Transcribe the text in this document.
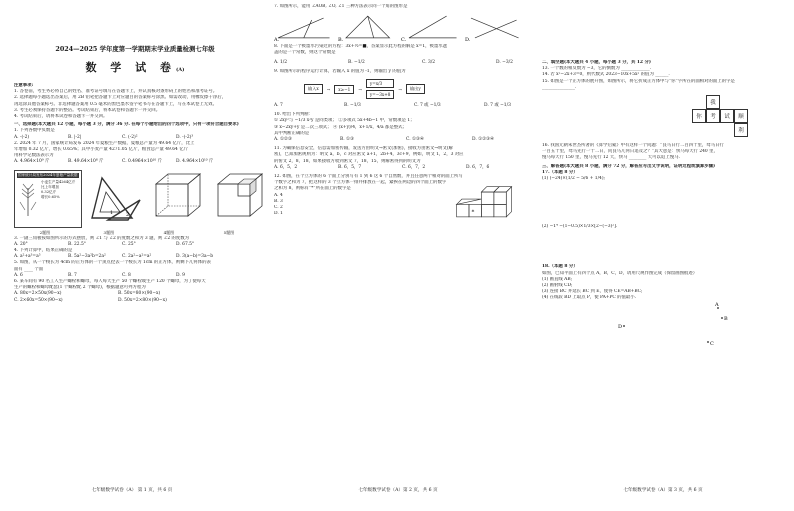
2024—2025 学年度第一学期期末学业质量检测七年级
数 学 试 卷(A)
注意事项:
1. 答卷前，考生务必将自己的姓名、准考证号填写在答题卡上，并认真核对条形码上的姓名和准考证号。
2. 选择题每小题选出答案后，用 2B 铅笔把答题卡上对应题目的答案标号涂黑。如需改动，用橡皮擦干净后，
再选涂其他答案标号。非选择题答案用 0.5 毫米的黑色墨水签字笔书写在答题卡上，写在本试卷上无效。
3. 考生必须保持答题卡的整洁。考试结束后，将本试卷和答题卡一并交回。
4. 考试结束后，请将本试卷和答题卡一并交回。
一、选择题(本大题共 12 小题，每小题 3 分，满分 36 分. 在每个小题给出的四个选项中，只有一项符合题目要求)
1. 下列各数中负数是
A. -(-2)	B. |-2|	C. (-2)²	D. -(-2)³
2. 2024 年 7 月，国家统计局发布 2024 年夏粮生产数据，夏粮总产量为 49.64 亿斤，比上
年增加 0.32 亿斤，增长 0.65%；其中小麦产量 4271.05 亿斤，粮食总产量 49.64 亿斤
用科学记数法表示为
A. 4.964×10⁹ 斤	B. 49.64×10⁸ 斤	C. 0.4964×10¹⁰ 斤	D. 4.964×10¹⁰ 斤
国家统计局发布2024年夏粮产量数据
小麦生产量4264亿斤
比上年增加
0.32亿斤
增长0.65%
1	2
2题图	3题图	4题图	5题图
3. 一副三角板按如图所示的方式摆放，则 ∠1 与 ∠2 的度数之和为 3 题，则 ∠2 的度数为
A. 20°	B. 22.5°	C. 25°	D. 67.5°
4. 下列计算中，结果正确的是
A. a²+a³=a⁵	B. 5a²−3a²b=2a²	C. 2a²−a²=a²	D. 3(a−b)=3a−b
5. 如图，从一个棱长为 4cm 的正方体的一个顶点挖去一个棱长为 1cm 的正方体，则剩下几何体的表
面有 ____ 个面
A. 6	B. 7	C. 8	D. 9
6. 某车间有 90 名工人生产螺栓和螺母，每人每天生产 50 个螺栓或生产 120 个螺母，为了使每天
生产的螺栓和螺母配套(1 个螺栓配 2 个螺母)，根据题意可列方程为
A. 80x=2×50x(90−x)	B. 50x=80×(90−x)
C. 2×60x=50×(90−x)	D. 50x=2×80×(90−x)
七年级数学试卷（A） 第 1 页，共 6 页
7. 如图所示，能用 ∠AOB, ∠O, ∠1 三种方法表示同一个角的图形是
A.	B.	C.	D.
8. 下面是一个被墨水污染过的方程：3x+½=■，答案显示此方程的解是 x=1，被墨水遮
盖的是一个常数，则这个常数是
A. 1/2	B. −1/2	C. 3/2	D. −3/2
9. 如图所示的程序运行计算，若输入 x 的值为 -1，则输出 y 的值为
输入x	→	x≥−1	→
y=x/3
y=−3x+8
→	输出y
A. 7	B. −1/3	C. 7 或 −1/3	D. 7 或 −1/3
10. 给出下列判断：
① 2xy²与 −1/3 x²y 是同类项； ②多项式 5x+4b−1 中，常数项是 1；
③ x−2xy+y 是二次三项式； ④ (x+y)/4，x+1/x，4/a 都是整式；
其中判断正确的是
A. ①②③	B. ①③	C. ①③④	D. ①②③④
11. 为确保信息安全，信息需加密传输，发送方由明文→密文(加密)，接收方由密文→明文(解
密)，已知加密规则为：明文 a，b，c 对应密文 a+1，2b+4，3c+9，例如，明文 1，2，3 对应
的密文 2，8，18，如果接收方收到密文 7，18，15，则解密得到的明文为
A. 6，5，2	B. 6，5，7	C. 6，7，2	D. 6，7，6
12. 如图，在个立方体的 6 个面上分别写有 1 到 6 这 6 个自然数，并且任意两个相对的面上所写
个数字之和为 7，把这样的 3 个立方体一排并排放在一起，紧挨在两边的四个面上的数字
之和为 8，则标有“*”所在面上的数字是
A. 4
B. 3
C. 2
D. 1	*
七年级数学试卷（A）第 2 页，共 6 页
二、填空题(本大题共 4 小题，每小题 3 分，共 12 分)
13. 一个数的相反数为 −3，它的倒数为 _____________.
14. 若 x²−2x+3=0，则代数式 2023−10x+5x² 的值为 ______.
15. 如图是一个正方体的展开图，如图所示，将它折成正方体中与“你”字所在的面相对的面上的字是
_______________.
我
你	考	试	顺
利
16. 我国元朝朱世杰所著的《算学启蒙》中有这样一个问题：“良马日行二百四十里，驽马日行
一百五十里，驽马先行一十二日，问良马几何日追及之？”其大意是：快马每天行 240 里，
慢马每天行 150 里，慢马先行 12 天，快马 ________ 天可以追上慢马.
三、解答题(本大题共 8 小题，满分 72 分，解答应写出文字说明，证明过程或演算步骤)
17.（本题 8 分）
(1) (−24)×(1/2 − 5/6 + 1/4);
(2) −1⁴ −(1−0.5)×1/3×[2−(−3)²].
18.（本题 8 分）
如图，已知平面上有四个点 A，B，C，D，请用尺规作图完成（保留画图痕迹）
(1) 画直线 AB;
(2) 画射线 CD;
(3) 连接 BC 并延长 BC 到 E，使得 CE=AB+BC;
(4) 在线段 BD 上取点 P，使 PA+PC 的值最小.
A
B
C
D
七年级数学试卷（A）第 3 页，共 6 页
